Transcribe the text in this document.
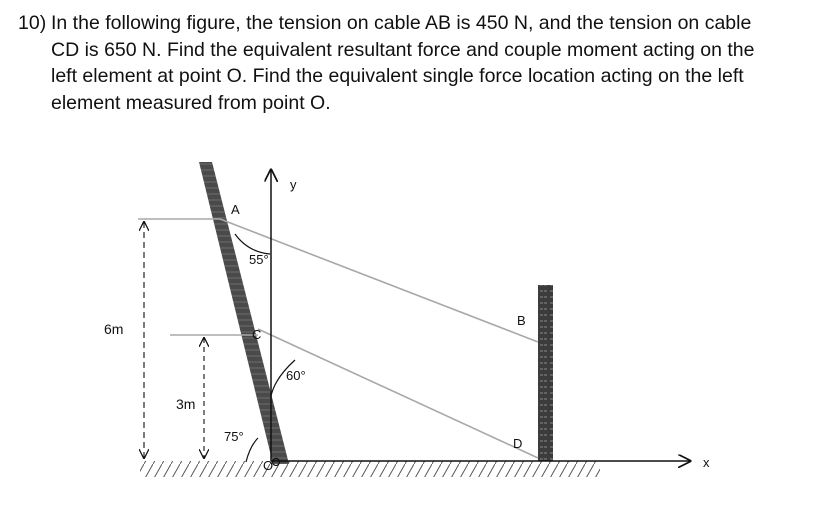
10) In the following figure, the tension on cable AB is 450 N, and the tension on cable
CD is 650 N. Find the equivalent resultant force and couple moment acting on the
left element at point O. Find the equivalent single force location acting on the left
element measured from point O.
A
B
C
D
O
55°
60°
75°
y
x
6m
3m
